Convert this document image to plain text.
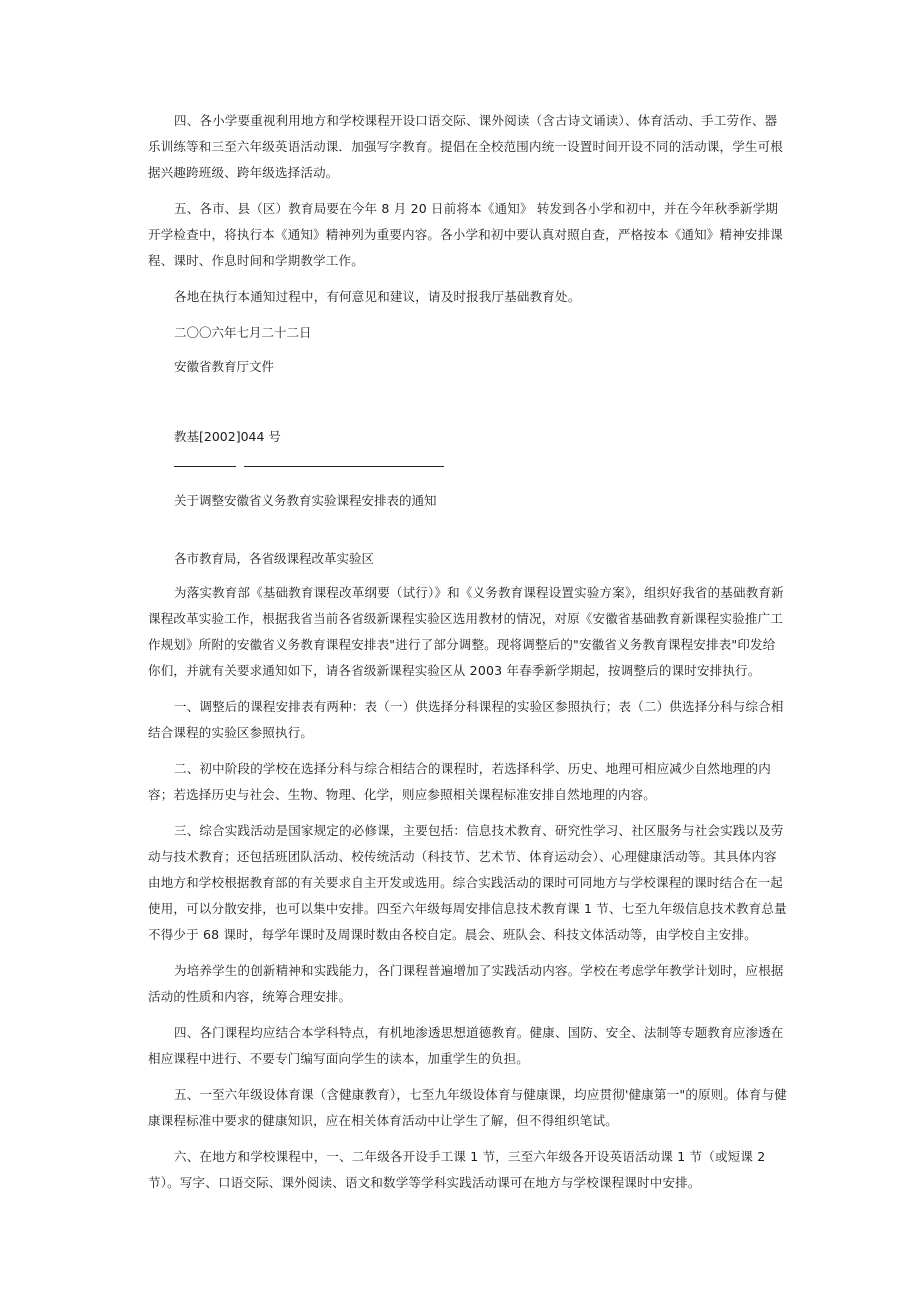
四、各小学要重视利用地方和学校课程开设口语交际、课外阅读（含古诗文诵读）、体育活动、手工劳作、器乐训练等和三至六年级英语活动课．加强写字教育。提倡在全校范围内统一设置时间开设不同的活动课，学生可根据兴趣跨班级、跨年级选择活动。

五、各市、县（区）教育局要在今年 8 月 20 日前将本《通知》 转发到各小学和初中，并在今年秋季新学期开学检查中，将执行本《通知》精神列为重要内容。各小学和初中要认真对照自查，严格按本《通知》精神安排课程、课时、作息时间和学期教学工作。

各地在执行本通知过程中，有何意见和建议，请及时报我厅基础教育处。

二〇〇六年七月二十二日
安徽省教育厅文件
教基[2002]044 号
关于调整安徽省义务教育实验课程安排表的通知
各市教育局，各省级课程改革实验区

为落实教育部《基础教育课程改革纲要（试行）》和《义务教育课程设置实验方案》，组织好我省的基础教育新课程改革实验工作，根据我省当前各省级新课程实验区选用教材的情况，对原《安徽省基础教育新课程实验推广工作规划》所附的安徽省义务教育课程安排表"进行了部分调整。现将调整后的"安徽省义务教育课程安排表"印发给你们，并就有关要求通知如下，请各省级新课程实验区从 2003 年春季新学期起，按调整后的课时安排执行。

一、调整后的课程安排表有两种：表（一）供选择分科课程的实验区参照执行；表（二）供选择分科与综合相结合课程的实验区参照执行。

二、初中阶段的学校在选择分科与综合相结合的课程时，若选择科学、历史、地理可相应减少自然地理的内容；若选择历史与社会、生物、物理、化学，则应参照相关课程标准安排自然地理的内容。

三、综合实践活动是国家规定的必修课，主要包括：信息技术教育、研究性学习、社区服务与社会实践以及劳动与技术教育；还包括班团队活动、校传统活动（科技节、艺术节、体育运动会）、心理健康活动等。其具体内容由地方和学校根据教育部的有关要求自主开发或选用。综合实践活动的课时可同地方与学校课程的课时结合在一起使用，可以分散安排，也可以集中安排。四至六年级每周安排信息技术教育课 1 节、七至九年级信息技术教育总量不得少于 68 课时，每学年课时及周课时数由各校自定。晨会、班队会、科技文体活动等，由学校自主安排。

为培养学生的创新精神和实践能力，各门课程普遍增加了实践活动内容。学校在考虑学年教学计划时，应根据活动的性质和内容，统筹合理安排。

四、各门课程均应结合本学科特点，有机地渗透思想道德教育。健康、国防、安全、法制等专题教育应渗透在相应课程中进行、不要专门编写面向学生的读本，加重学生的负担。

五、一至六年级设体育课（含健康教育），七至九年级设体育与健康课，均应贯彻'健康第一"的原则。体育与健康课程标准中要求的健康知识，应在相关体育活动中让学生了解，但不得组织笔试。

六、在地方和学校课程中，一、二年级各开设手工课 1 节，三至六年级各开设英语活动课 1 节（或短课 2 节）。写字、口语交际、课外阅读、语文和数学等学科实践活动课可在地方与学校课程课时中安排。
